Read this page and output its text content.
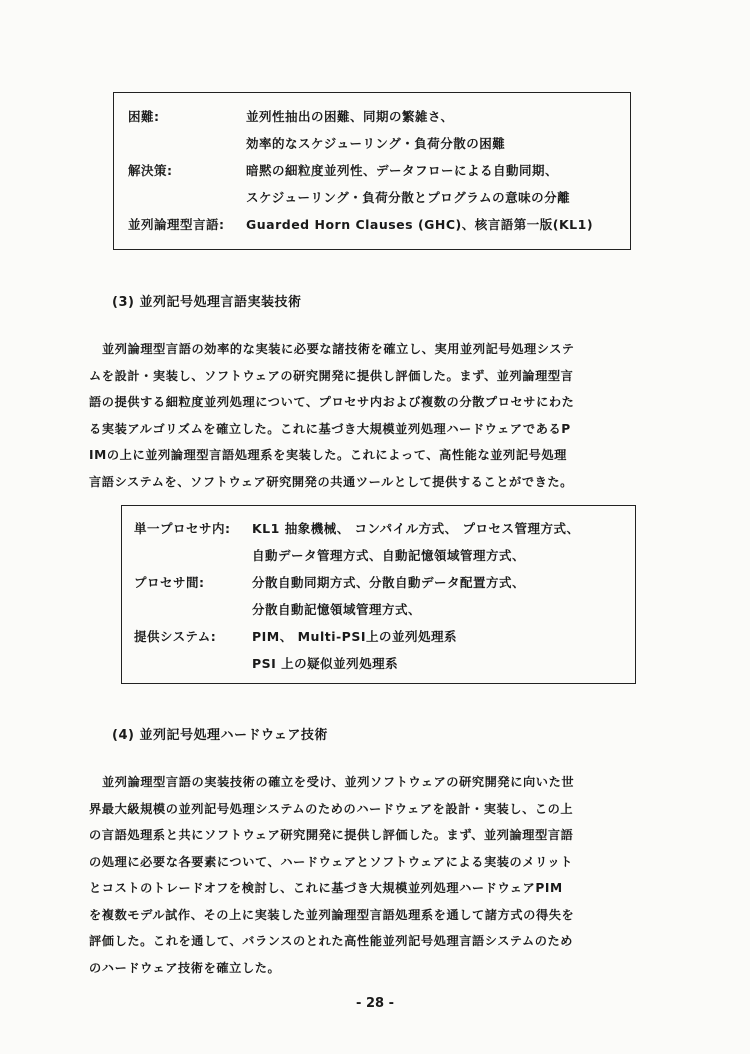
困難:	並列性抽出の困難、同期の繁雑さ、
効率的なスケジューリング・負荷分散の困難
解決策:	暗黙の細粒度並列性、データフローによる自動同期、
スケジューリング・負荷分散とプログラムの意味の分離
並列論理型言語: Guarded Horn Clauses (GHC)、核言語第一版(KL1)
(3) 並列記号処理言語実装技術
並列論理型言語の効率的な実装に必要な諸技術を確立し、実用並列記号処理システ
ムを設計・実装し、ソフトウェアの研究開発に提供し評価した。まず、並列論理型言
語の提供する細粒度並列処理について、プロセサ内および複数の分散プロセサにわた
る実装アルゴリズムを確立した。これに基づき大規模並列処理ハードウェアであるP
IMの上に並列論理型言語処理系を実装した。これによって、高性能な並列記号処理
言語システムを、ソフトウェア研究開発の共通ツールとして提供することができた。
単一プロセサ内: KL1 抽象機械、 コンパイル方式、 プロセス管理方式、
自動データ管理方式、自動記憶領域管理方式、
プロセサ間:	分散自動同期方式、分散自動データ配置方式、
分散自動記憶領域管理方式、
提供システム:	PIM、 Multi-PSI上の並列処理系
PSI 上の疑似並列処理系
(4) 並列記号処理ハードウェア技術
並列論理型言語の実装技術の確立を受け、並列ソフトウェアの研究開発に向いた世
界最大級規模の並列記号処理システムのためのハードウェアを設計・実装し、この上
の言語処理系と共にソフトウェア研究開発に提供し評価した。まず、並列論理型言語
の処理に必要な各要素について、ハードウェアとソフトウェアによる実装のメリット
とコストのトレードオフを検討し、これに基づき大規模並列処理ハードウェアPIM
を複数モデル試作、その上に実装した並列論理型言語処理系を通して諸方式の得失を
評価した。これを通して、バランスのとれた高性能並列記号処理言語システムのため
のハードウェア技術を確立した。
- 28 -
